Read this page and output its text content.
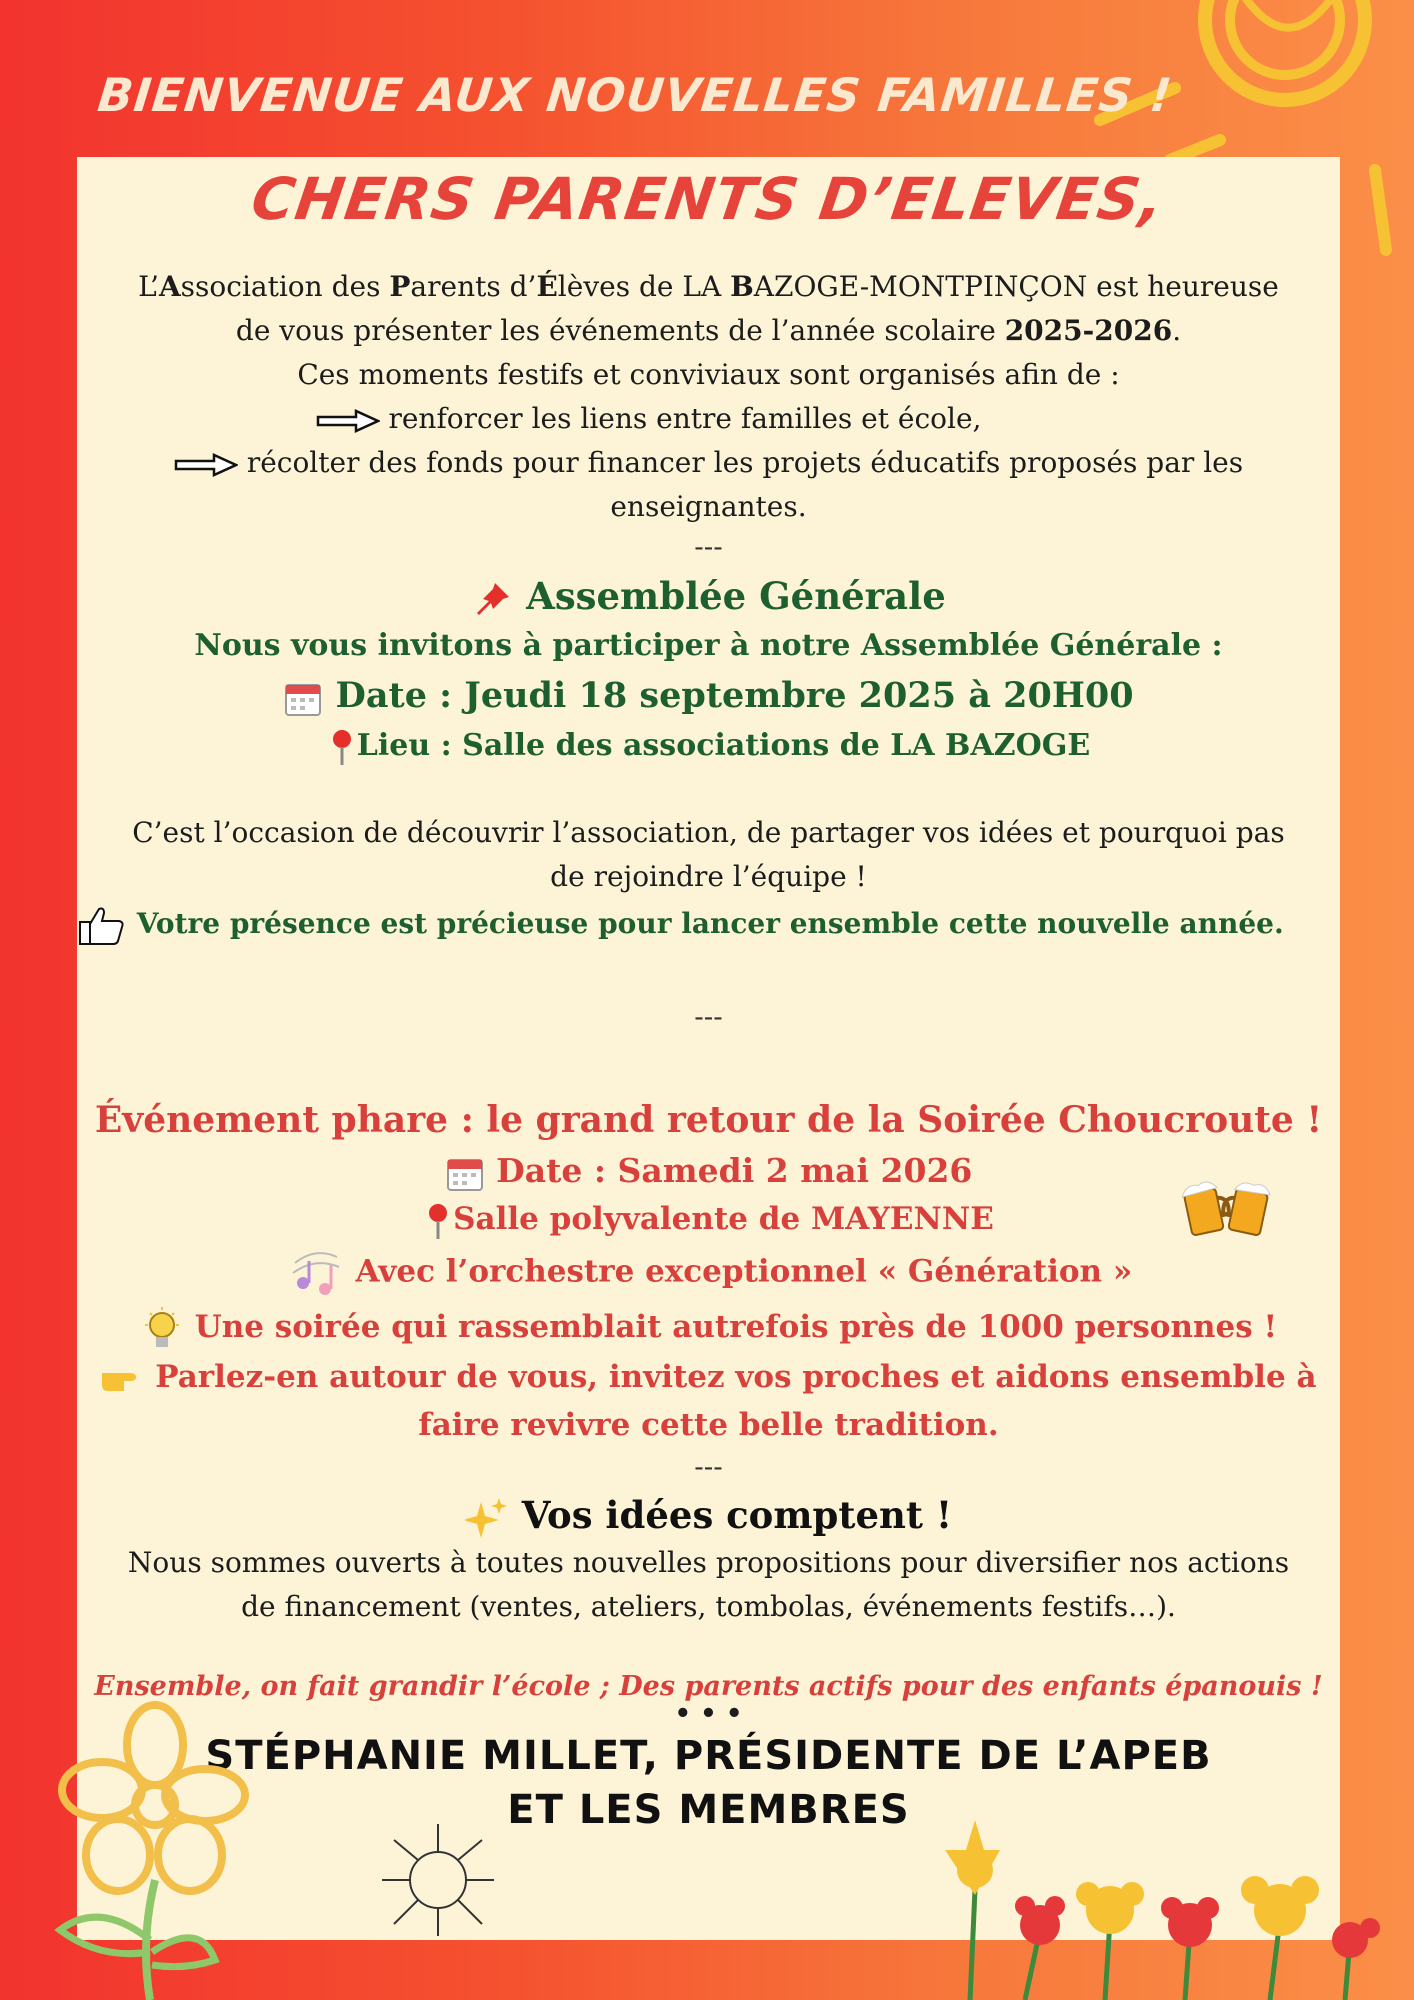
BIENVENUE AUX NOUVELLES FAMILLES !
CHERS PARENTS D’ELEVES,

L’Association des Parents d’Élèves de LA BAZOGE-MONTPINÇON est heureuse

de vous présenter les événements de l’année scolaire 2025-2026.

Ces moments festifs et conviviaux sont organisés afin de :

renforcer les liens entre familles et école,

récolter des fonds pour financer les projets éducatifs proposés par les

enseignantes.

---

Assemblée Générale

Nous vous invitons à participer à notre Assemblée Générale :

Date : Jeudi 18 septembre 2025 à 20H00

Lieu : Salle des associations de LA BAZOGE

C’est l’occasion de découvrir l’association, de partager vos idées et pourquoi pas
de rejoindre l’équipe !

Votre présence est précieuse pour lancer ensemble cette nouvelle année.

---

Événement phare : le grand retour de la Soirée Choucroute !

Date : Samedi 2 mai 2026

Salle polyvalente de MAYENNE

Avec l’orchestre exceptionnel « Génération »

Une soirée qui rassemblait autrefois près de 1000 personnes !

Parlez-en autour de vous, invitez vos proches et aidons ensemble à
faire revivre cette belle tradition.

---

Vos idées comptent !

Nous sommes ouverts à toutes nouvelles propositions pour diversifier nos actions
de financement (ventes, ateliers, tombolas, événements festifs…).

Ensemble, on fait grandir l’école ; Des parents actifs pour des enfants épanouis !

• • •

STÉPHANIE MILLET, PRÉSIDENTE DE L’APEB
ET LES MEMBRES
